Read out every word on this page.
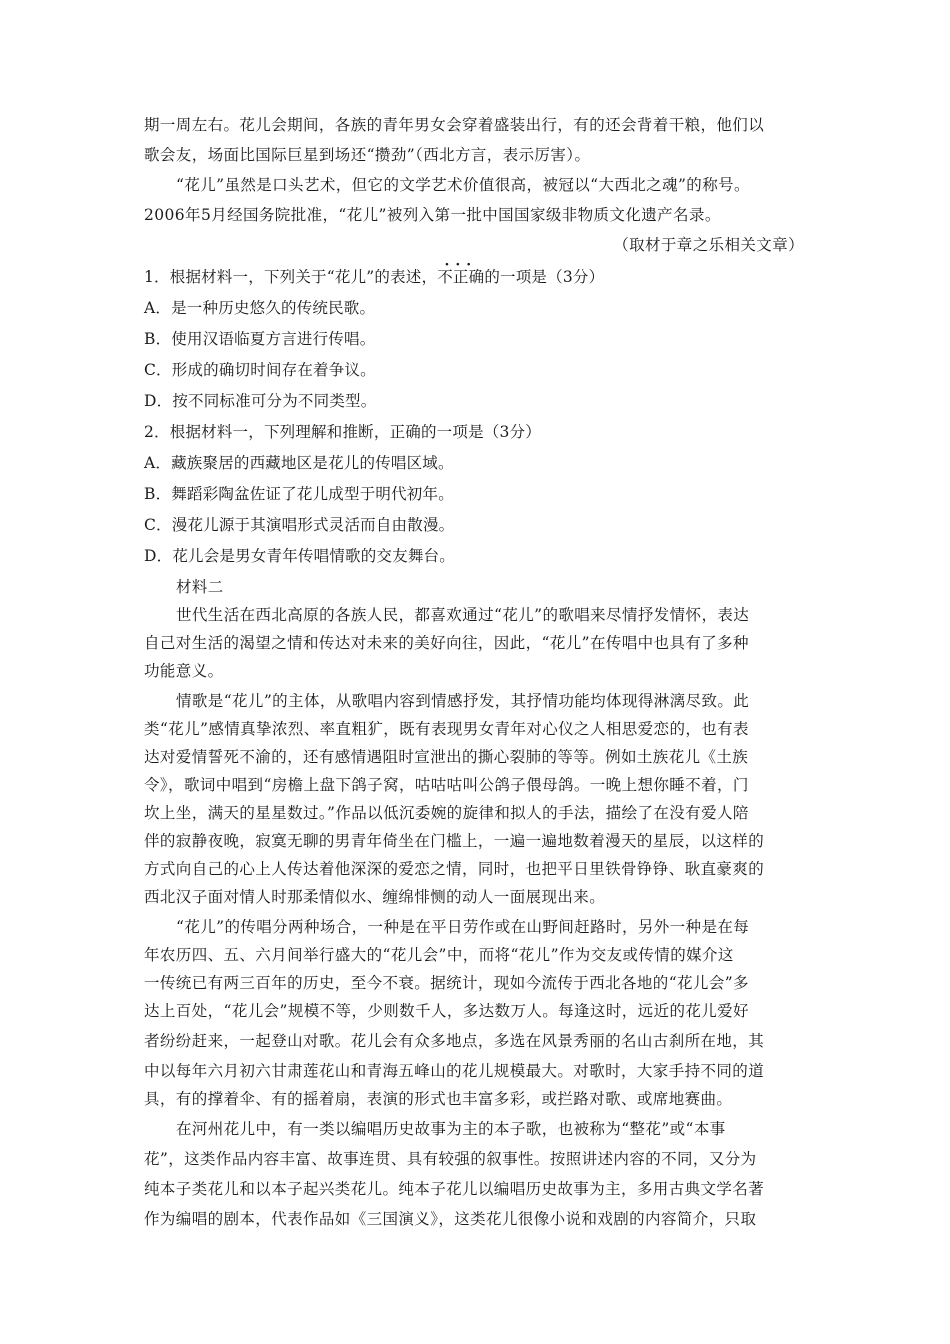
期一周左右。花儿会期间，各族的青年男女会穿着盛装出行，有的还会背着干粮，他们以
歌会友，场面比国际巨星到场还“攒劲”（西北方言，表示厉害）。
“花儿”虽然是口头艺术，但它的文学艺术价值很高，被冠以“大西北之魂”的称号。
2006年5月经国务院批准，“花儿”被列入第一批中国国家级非物质文化遗产名录。
（取材于章之乐相关文章）
1．根据材料一，下列关于“花儿”的表述，··· 不正确的一项是（3分）
A．是一种历史悠久的传统民歌。
B．使用汉语临夏方言进行传唱。
C．形成的确切时间存在着争议。
D．按不同标准可分为不同类型。
2．根据材料一，下列理解和推断，正确的一项是（3分）
A．藏族聚居的西藏地区是花儿的传唱区域。
B．舞蹈彩陶盆佐证了花儿成型于明代初年。
C．漫花儿源于其演唱形式灵活而自由散漫。
D．花儿会是男女青年传唱情歌的交友舞台。
材料二
世代生活在西北高原的各族人民，都喜欢通过“花儿”的歌唱来尽情抒发情怀，表达
自己对生活的渴望之情和传达对未来的美好向往，因此，“花儿”在传唱中也具有了多种
功能意义。
情歌是“花儿”的主体，从歌唱内容到情感抒发，其抒情功能均体现得淋漓尽致。此
类“花儿”感情真挚浓烈、率直粗犷，既有表现男女青年对心仪之人相思爱恋的，也有表
达对爱情誓死不渝的，还有感情遇阻时宣泄出的撕心裂肺的等等。例如土族花儿《土族
令》，歌词中唱到“房檐上盘下鸽子窝，咕咕咕叫公鸽子偎母鸽。一晚上想你睡不着，门
坎上坐，满天的星星数过。”作品以低沉委婉的旋律和拟人的手法，描绘了在没有爱人陪
伴的寂静夜晚，寂寞无聊的男青年倚坐在门槛上，一遍一遍地数着漫天的星辰，以这样的
方式向自己的心上人传达着他深深的爱恋之情，同时，也把平日里铁骨铮铮、耿直豪爽的
西北汉子面对情人时那柔情似水、缠绵悱恻的动人一面展现出来。
“花儿”的传唱分两种场合，一种是在平日劳作或在山野间赶路时，另外一种是在每
年农历四、五、六月间举行盛大的“花儿会”中，而将“花儿”作为交友或传情的媒介这
一传统已有两三百年的历史，至今不衰。据统计，现如今流传于西北各地的“花儿会”多
达上百处，“花儿会”规模不等，少则数千人，多达数万人。每逢这时，远近的花儿爱好
者纷纷赶来，一起登山对歌。花儿会有众多地点，多选在风景秀丽的名山古刹所在地，其
中以每年六月初六甘肃莲花山和青海五峰山的花儿规模最大。对歌时，大家手持不同的道
具，有的撑着伞、有的摇着扇，表演的形式也丰富多彩，或拦路对歌、或席地赛曲。
在河州花儿中，有一类以编唱历史故事为主的本子歌，也被称为“整花”或“本事
花”，这类作品内容丰富、故事连贯、具有较强的叙事性。按照讲述内容的不同，又分为
纯本子类花儿和以本子起兴类花儿。纯本子花儿以编唱历史故事为主，多用古典文学名著
作为编唱的剧本，代表作品如《三国演义》，这类花儿很像小说和戏剧的内容简介，只取
